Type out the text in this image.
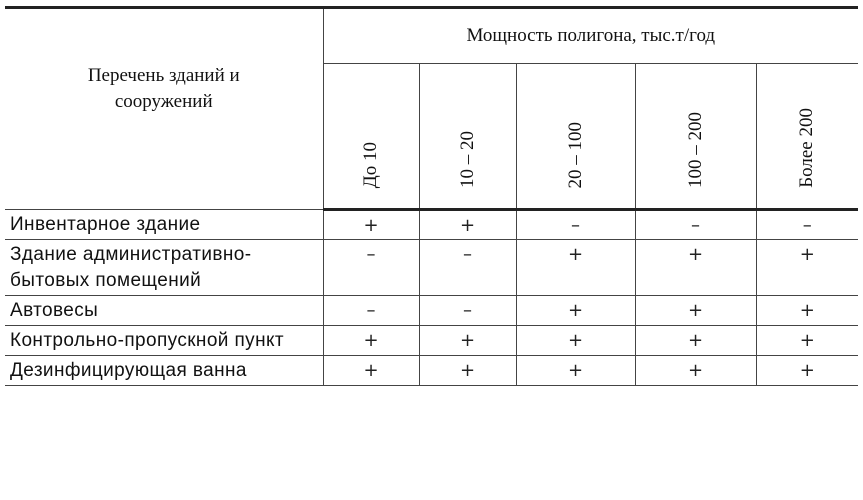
Перечень зданий и сооружений	Мощность полигона, тыс.т/год				
	До 10	10 – 20	20 – 100	100 – 200	Более 200
Инвентарное здание	+	+	–	–	–
Здание административно-бытовых помещений	–	–	+	+	+
Автовесы	–	–	+	+	+
Контрольно-пропускной пункт	+	+	+	+	+
Дезинфицирующая ванна	+	+	+	+	+
